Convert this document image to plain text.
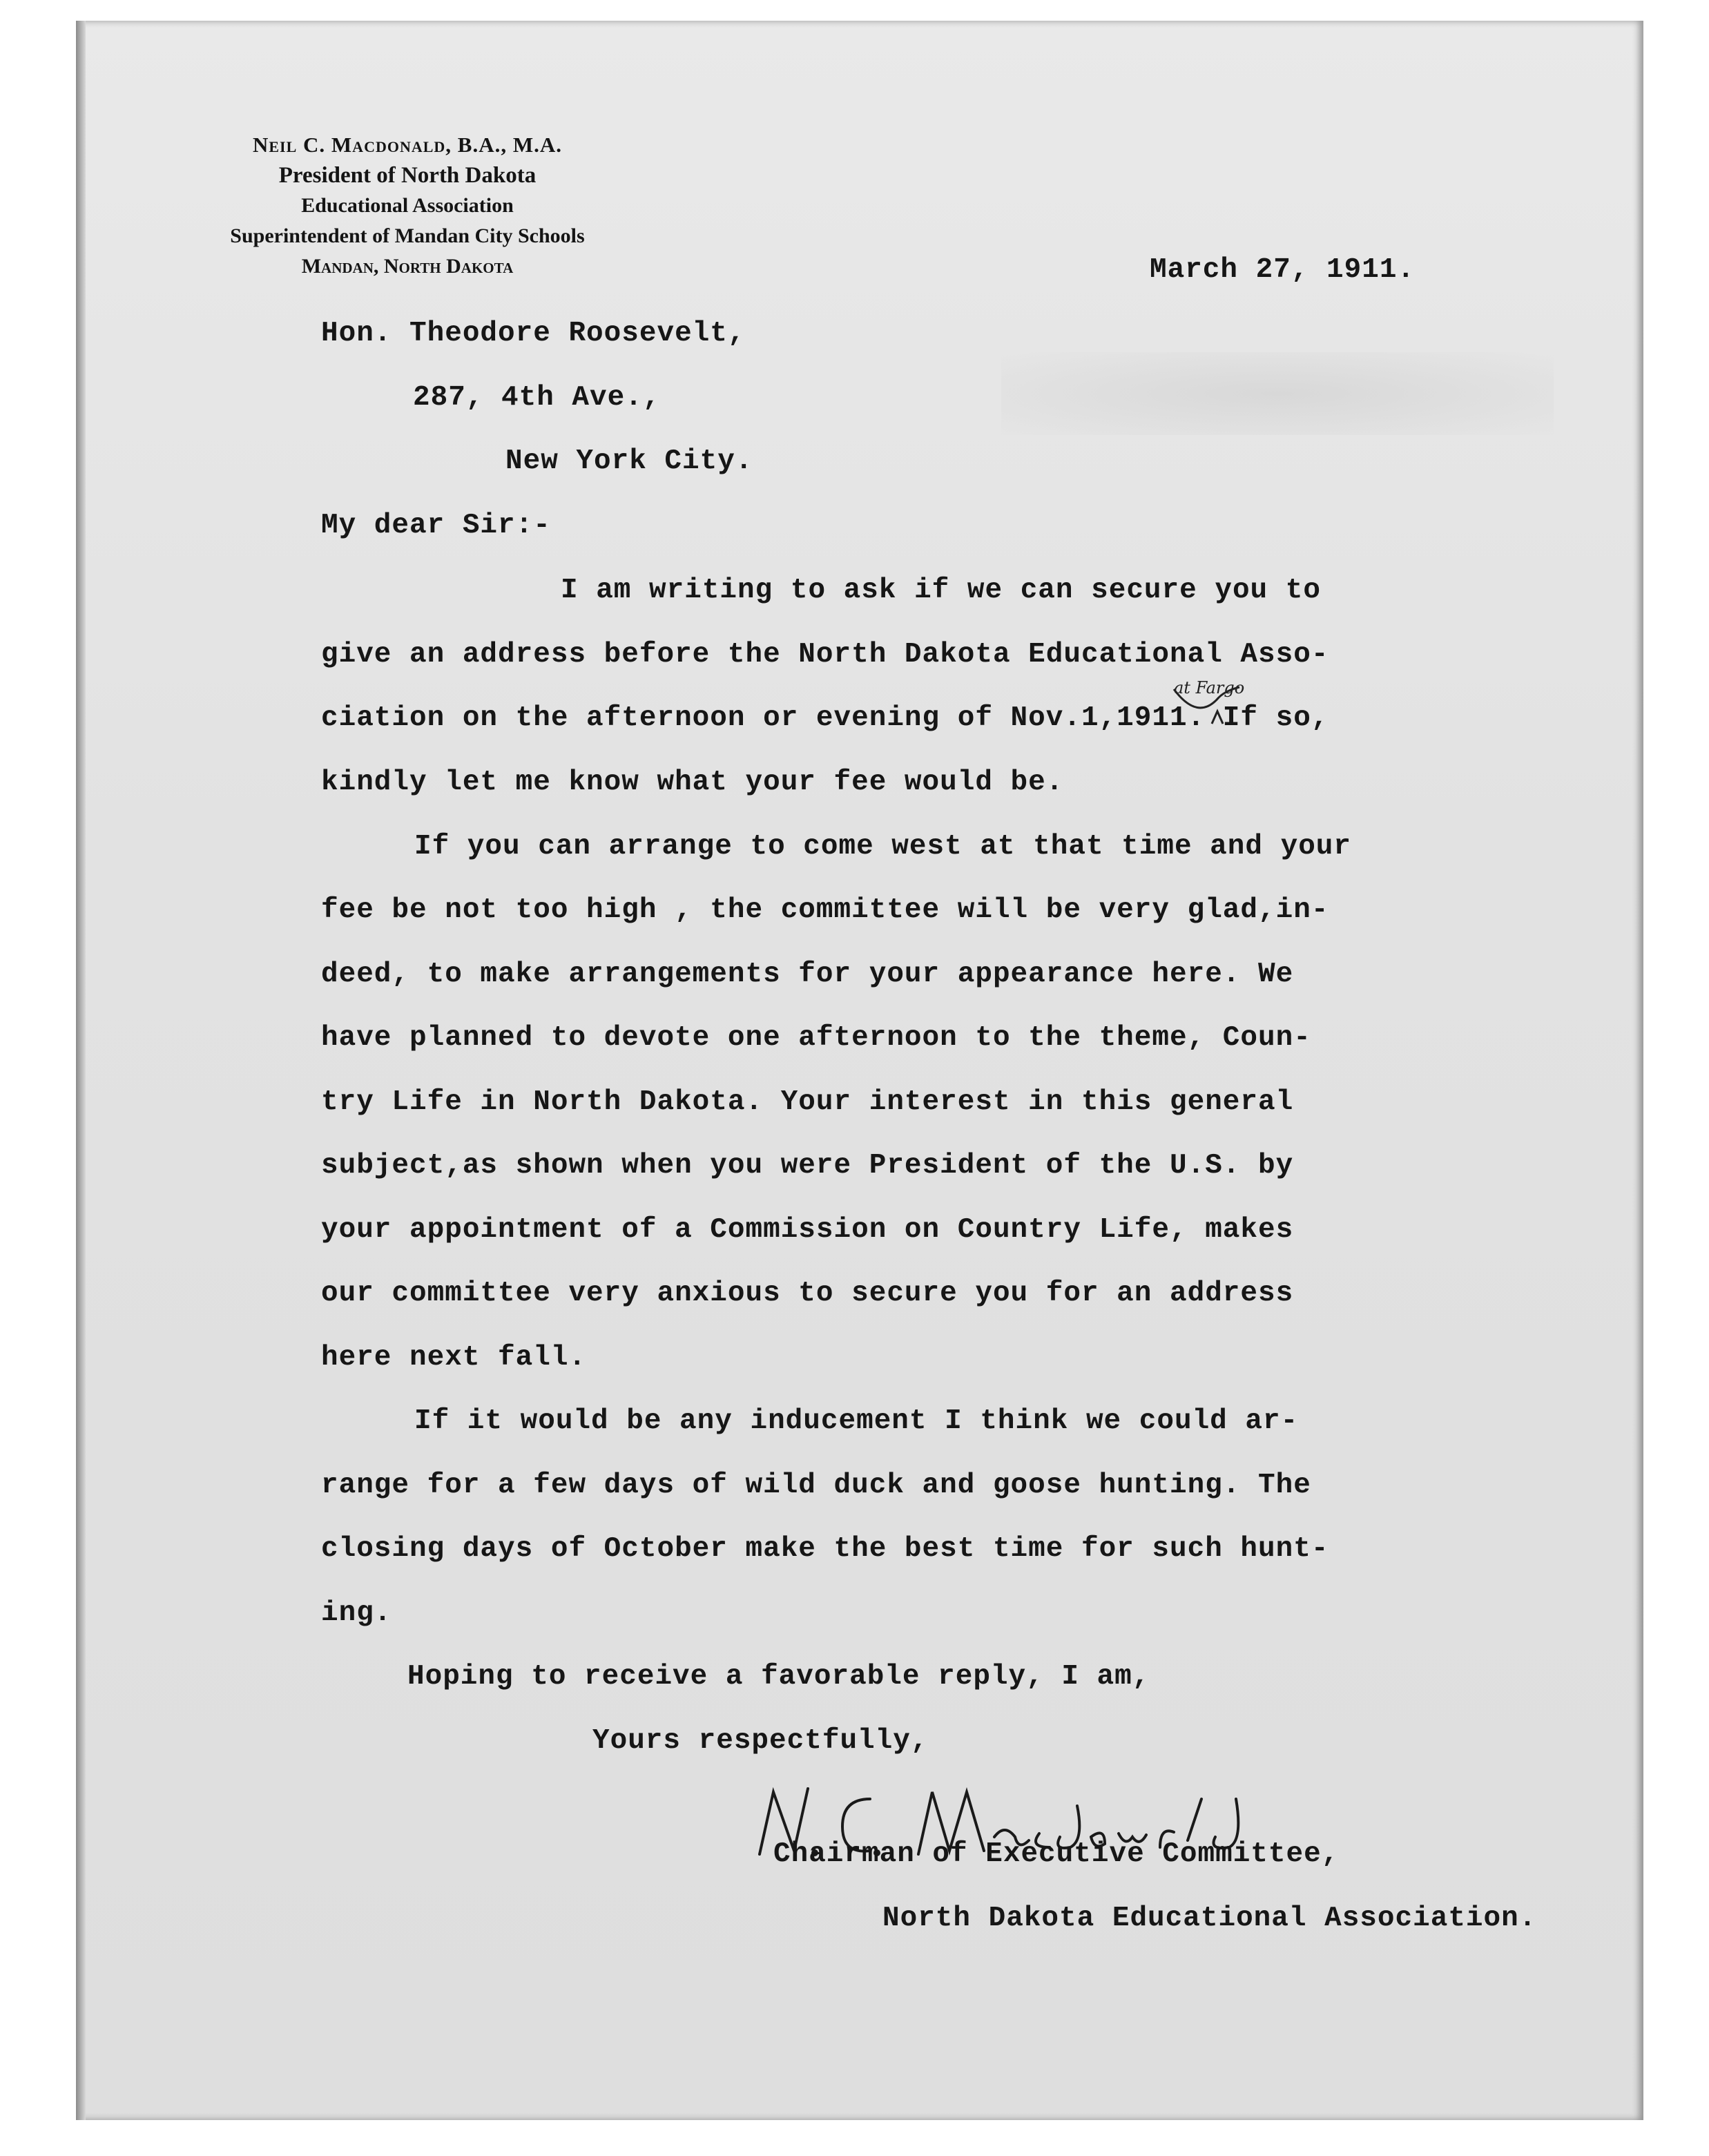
Neil C. Macdonald, B.A., M.A.
President of North Dakota
Educational Association
Superintendent of Mandan City Schools
Mandan, North Dakota	March 27, 1911.
Hon. Theodore Roosevelt,
287, 4th Ave.,
New York City.
My dear Sir:-
I am writing to ask if we can secure you to
give an address before the North Dakota Educational Asso-
ciation on the afternoon or evening of Nov.1,1911. If so,
kindly let me know what your fee would be.
at Fargo
If you can arrange to come west at that time and your
fee be not too high , the committee will be very glad,in-
deed, to make arrangements for your appearance here. We
have planned to devote one afternoon to the theme, Coun-
try Life in North Dakota. Your interest in this general
subject,as shown when you were President of the U.S. by
your appointment of a Commission on Country Life, makes
our committee very anxious to secure you for an address
here next fall.
If it would be any inducement I think we could ar-
range for a few days of wild duck and goose hunting. The
closing days of October make the best time for such hunt-
ing.
Hoping to receive a favorable reply, I am,
Yours respectfully,
N. C. Macdonald Chairman of Executive Committee,
North Dakota Educational Association.
